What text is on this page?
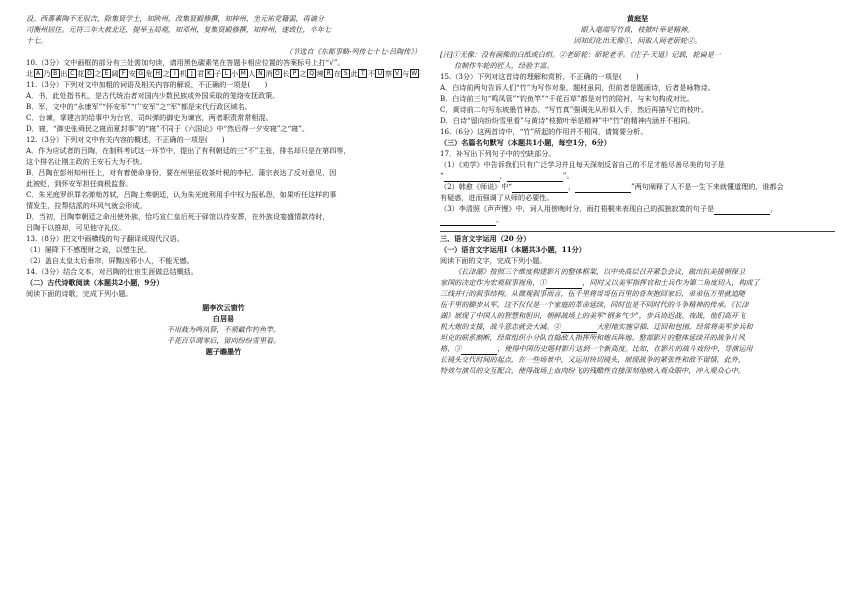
设。西蕃素陶不无驭吉，除集贤学士，知陕州，改集贤殿修撰，知梓州，坐元祐党籍罢，再谪分

司衡州居住。元符三年大赦北还，提举玉局观，知邓州，复集贤殿修撰，知梓州，遂致仕，卒年七

十七。

（节选自《东都事略·列传七十七·吕陶传》）

10.（3分）文中画框的部分有三处需加句读，请用黑色碳素笔在答题卡相应位置的答案标号上打“√”。

北 A 乃 B 出 C 花 D 之 E 阔 F 安 G 危 H 之 I 机 J 君 K 子 L 小 M 人 N 消 O 长 P 之 Q 境 R 在 S 此 T 不 U 察 V 与 W

11.（3分）下列对文中加粗的词语及相关内容的解说，不正确的一项是(　　)

A．书，此处指书札，是古代统治者对国内少数民族或外国采取的笼络安抚政策。

B．军，文中的“永康军”“怀安军”“广安军”之“军”都是宋代行政区域名。

C．台谏，掌建言的给事中为台官，司纠弹的御史为谏官，两者职责常常相混。

D．寝，“御史张舜民之寝而夏封事”的“寝”不同于《六国论》中“然后得一夕安寝”之“寝”。

12.（3分）下列对文中有关内容的概述，不正确的一项是(　　)

A．作为应试者的吕陶，在制科考试这一环节中，提出了有利朝廷的三“不”主张，排名却只是在第四等，

这个排名让刚主政的王安石大为不快。

B．吕陶在彭州知州任上，对有着使命身份，要在州里征收茶叶税的李杞、蒲宗表达了反对意见，因

此被贬，到怀安军担任商税监督。

C．朱光庭罗织罪名弹劾苏轼，吕陶上奏朝廷，认为朱光庭利用手中权力报私怨，如果听任这样的事

情发生，拉帮结派的坏风气就会形成。

D．当初，吕陶奉朝廷之命出使外族，恰巧宣仁皇后死于驿馆以待安葬，在外族设宴盛情款待时，

吕陶于以推却，可见他守礼仪。

13.（8分）把文中画横线的句子翻译成现代汉语。

（1）屡降下不感理财之说，以塑生民。

（2）盖自太皇太后垂帘，屏黜凶邪小人，不能无憾。

14.（3分）结合文本，对吕陶的仕宦生涯做总结概括。

（二）古代诗歌阅读（本题共2小题，9分）

阅读下面的诗歌，完成下列小题。

题李次云窗竹

白居易

不用栽为鸣凤管，不须截作钓鱼竿。

千花百草凋零后，留向纷纷雪里看。

题子瞻墨竹

黄庭坚

眼入毫端写竹真，枝掀叶举是精神。

因知幻化出无像①，问取人间老斫轮②。

[注]①无像：没有画像的白纸或白绢。②老斫轮：斫轮老手。《庄子·天道》记载，轮扁是一

位制作车轮的匠人，经验丰富。

15.（3分）下列对这首诗的理解和赏析，不正确的一项是(　　)

A．白诗前两句告诉人们“竹”为写作对象，题材虽同，但前者是题画诗，后者是咏物诗。

B．白诗前三句“鸣凤管”“钓鱼竿”“千花百草”都是对竹的陪衬，与末句构成对比。

C．黄诗前二句写东坡墨竹神态，“写竹真”强调先从形似入手，然后再描写它的枝叶。

D．白诗“留向纷纷雪里看”与黄诗“枝掀叶举是精神”中“竹”的精神内涵并不相同。

16.（6分）这两首诗中，“竹”所起的作用并不相同，请简要分析。

（三）名篇名句默写（本题共1小题，每空1分，6分）

17．补写出下列句子中的空缺部分。

（1）《劝学》中告诉我们只有广泛学习并且每天深刻反省自己的不足才能尽善尽美的句子是

“	，	”。

（2）韩愈《师说》中“	，	”两句阐释了人不是一生下来就懂道理的，谁都会

有疑惑，进而强调了从师的必要性。

（3）李清照《声声慢》中，词人用傍晚时分，雨打梧桐来表现自己的孤独寂寞的句子是	，

。

三、语言文字运用（20 分）

（一）语言文字运用Ⅰ（本题共3小题，11分）

阅读下面的文字，完成下列小题。

《长津湖》按照三个维度构建影片的整体框架，以中央高层召开紧急会议，做出抗美援朝保卫

家国的决定作为宏观叙事视角，①	，同时又以美军指挥官和士兵作为第二角度切入，构成了

三线并行的叙事结构。从微观叙事而言，伍千里将哥哥伍百里的骨灰抱回家后，弟弟伍万里就追随

伍千里的脚步从军，这不仅仅是一个家庭的革命延续，同时也是不同时代的斗争精神的传承。《长津

湖》展现了中国人的智慧和胆识，朝鲜战场上的美军“钢多气少”，步兵协迟战、夜战，他们高开飞

机大炮的支援，战斗意志就会大减。②	大胆地实施穿插、迂回和包围，经常将美军步兵和

坦克的联系割断，经常组织小分队直捣敌人指挥所和炮兵阵地。整部影片的整体延续开的战争片风

格，③	，使得中国历史题材影片达到一个新高度。比如，在影片的战斗戏份中，导演运用

长镜头交代时间的起点，在一些场景中，又运用快切镜头，展现战争的紧张性和敌不留情。此外，

特效与演员的交互配合，使得战场上血肉纷飞的残酷性直接深刻地映入观众眼中，冲入观众心中。
